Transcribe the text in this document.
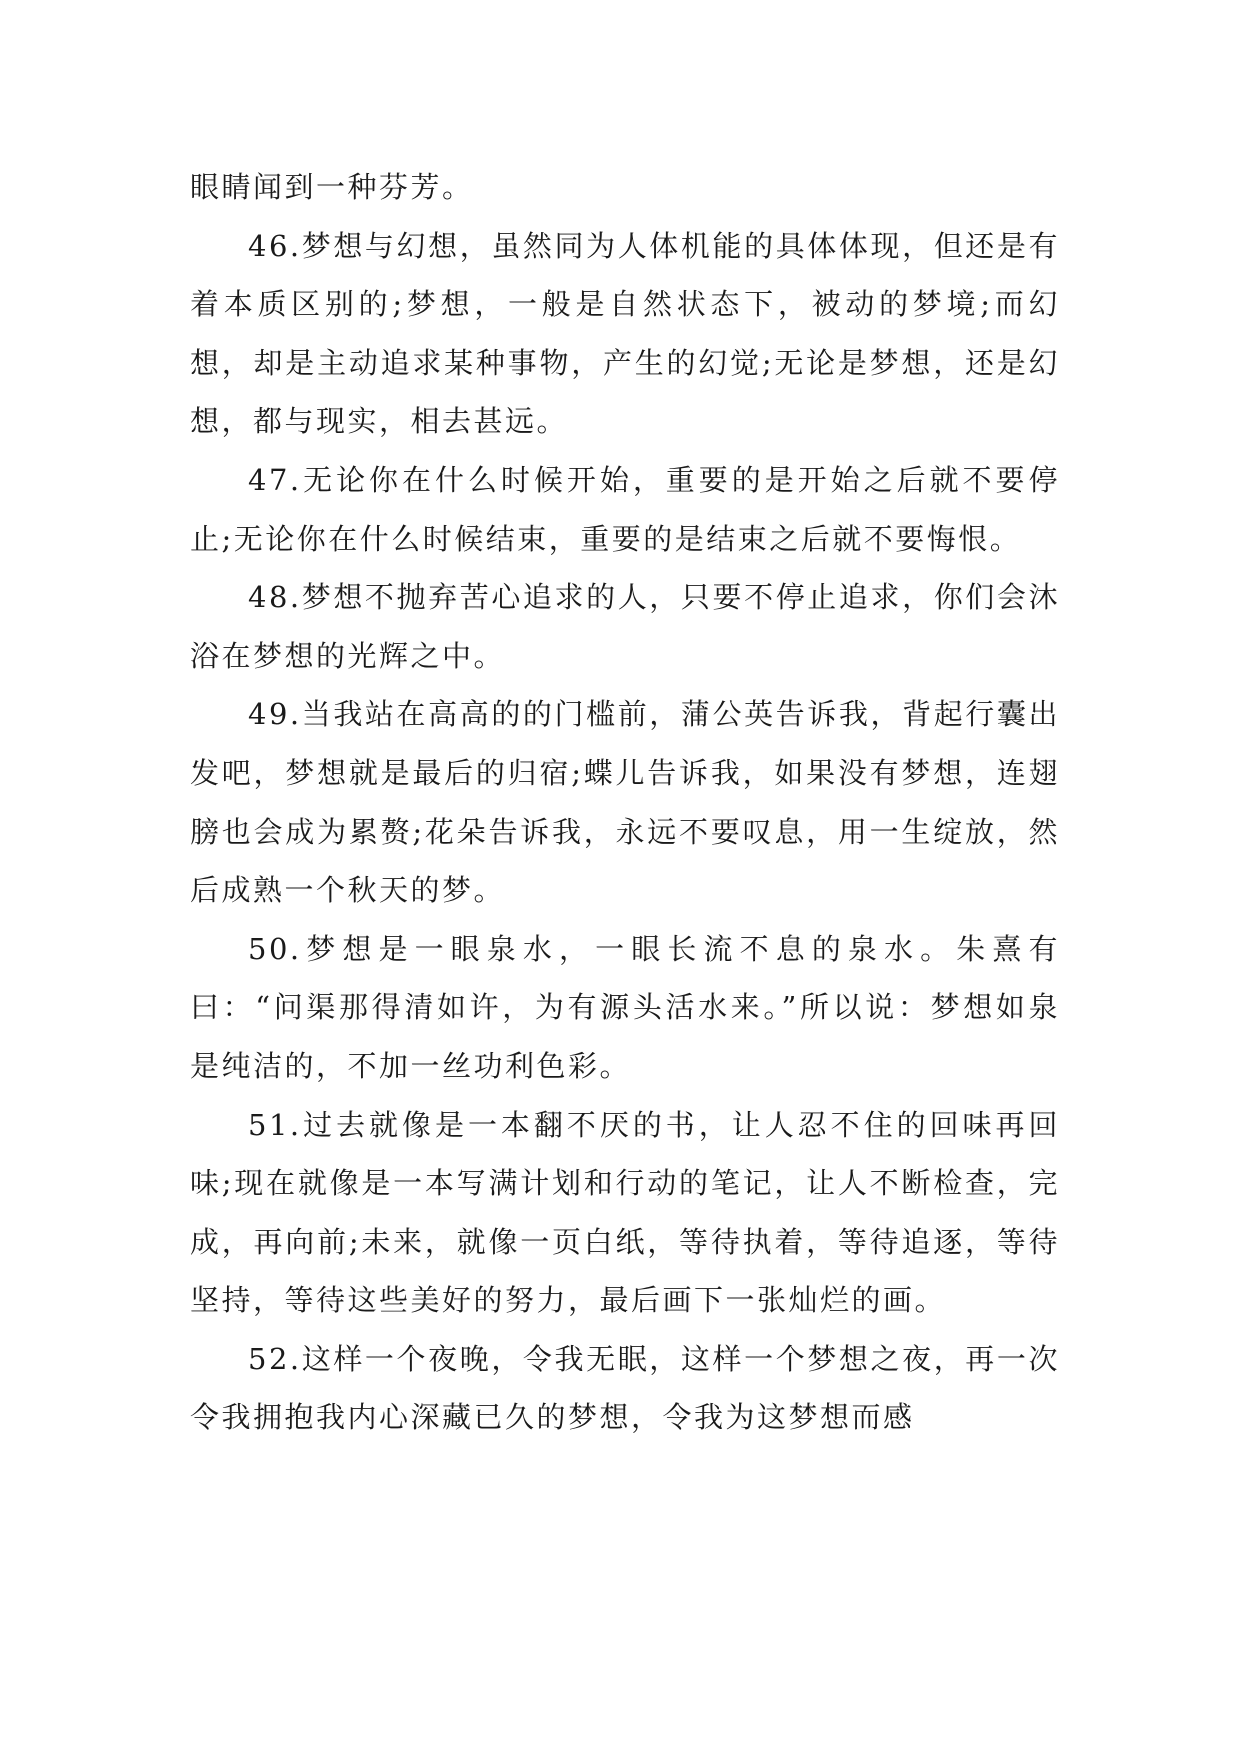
眼睛闻到一种芬芳。

46.梦想与幻想，虽然同为人体机能的具体体现，但还是有着本质区别的;梦想，一般是自然状态下，被动的梦境;而幻想，却是主动追求某种事物，产生的幻觉;无论是梦想，还是幻想，都与现实，相去甚远。

47.无论你在什么时候开始，重要的是开始之后就不要停止;无论你在什么时候结束，重要的是结束之后就不要悔恨。

48.梦想不抛弃苦心追求的人，只要不停止追求，你们会沐浴在梦想的光辉之中。

49.当我站在高高的的门槛前，蒲公英告诉我，背起行囊出发吧，梦想就是最后的归宿;蝶儿告诉我，如果没有梦想，连翅膀也会成为累赘;花朵告诉我，永远不要叹息，用一生绽放，然后成熟一个秋天的梦。

50.梦想是一眼泉水，一眼长流不息的泉水。朱熹有曰：“问渠那得清如许，为有源头活水来。”所以说：梦想如泉是纯洁的，不加一丝功利色彩。

51.过去就像是一本翻不厌的书，让人忍不住的回味再回味;现在就像是一本写满计划和行动的笔记，让人不断检查，完成，再向前;未来，就像一页白纸，等待执着，等待追逐，等待坚持，等待这些美好的努力，最后画下一张灿烂的画。

52.这样一个夜晚，令我无眠，这样一个梦想之夜，再一次令我拥抱我内心深藏已久的梦想，令我为这梦想而感
